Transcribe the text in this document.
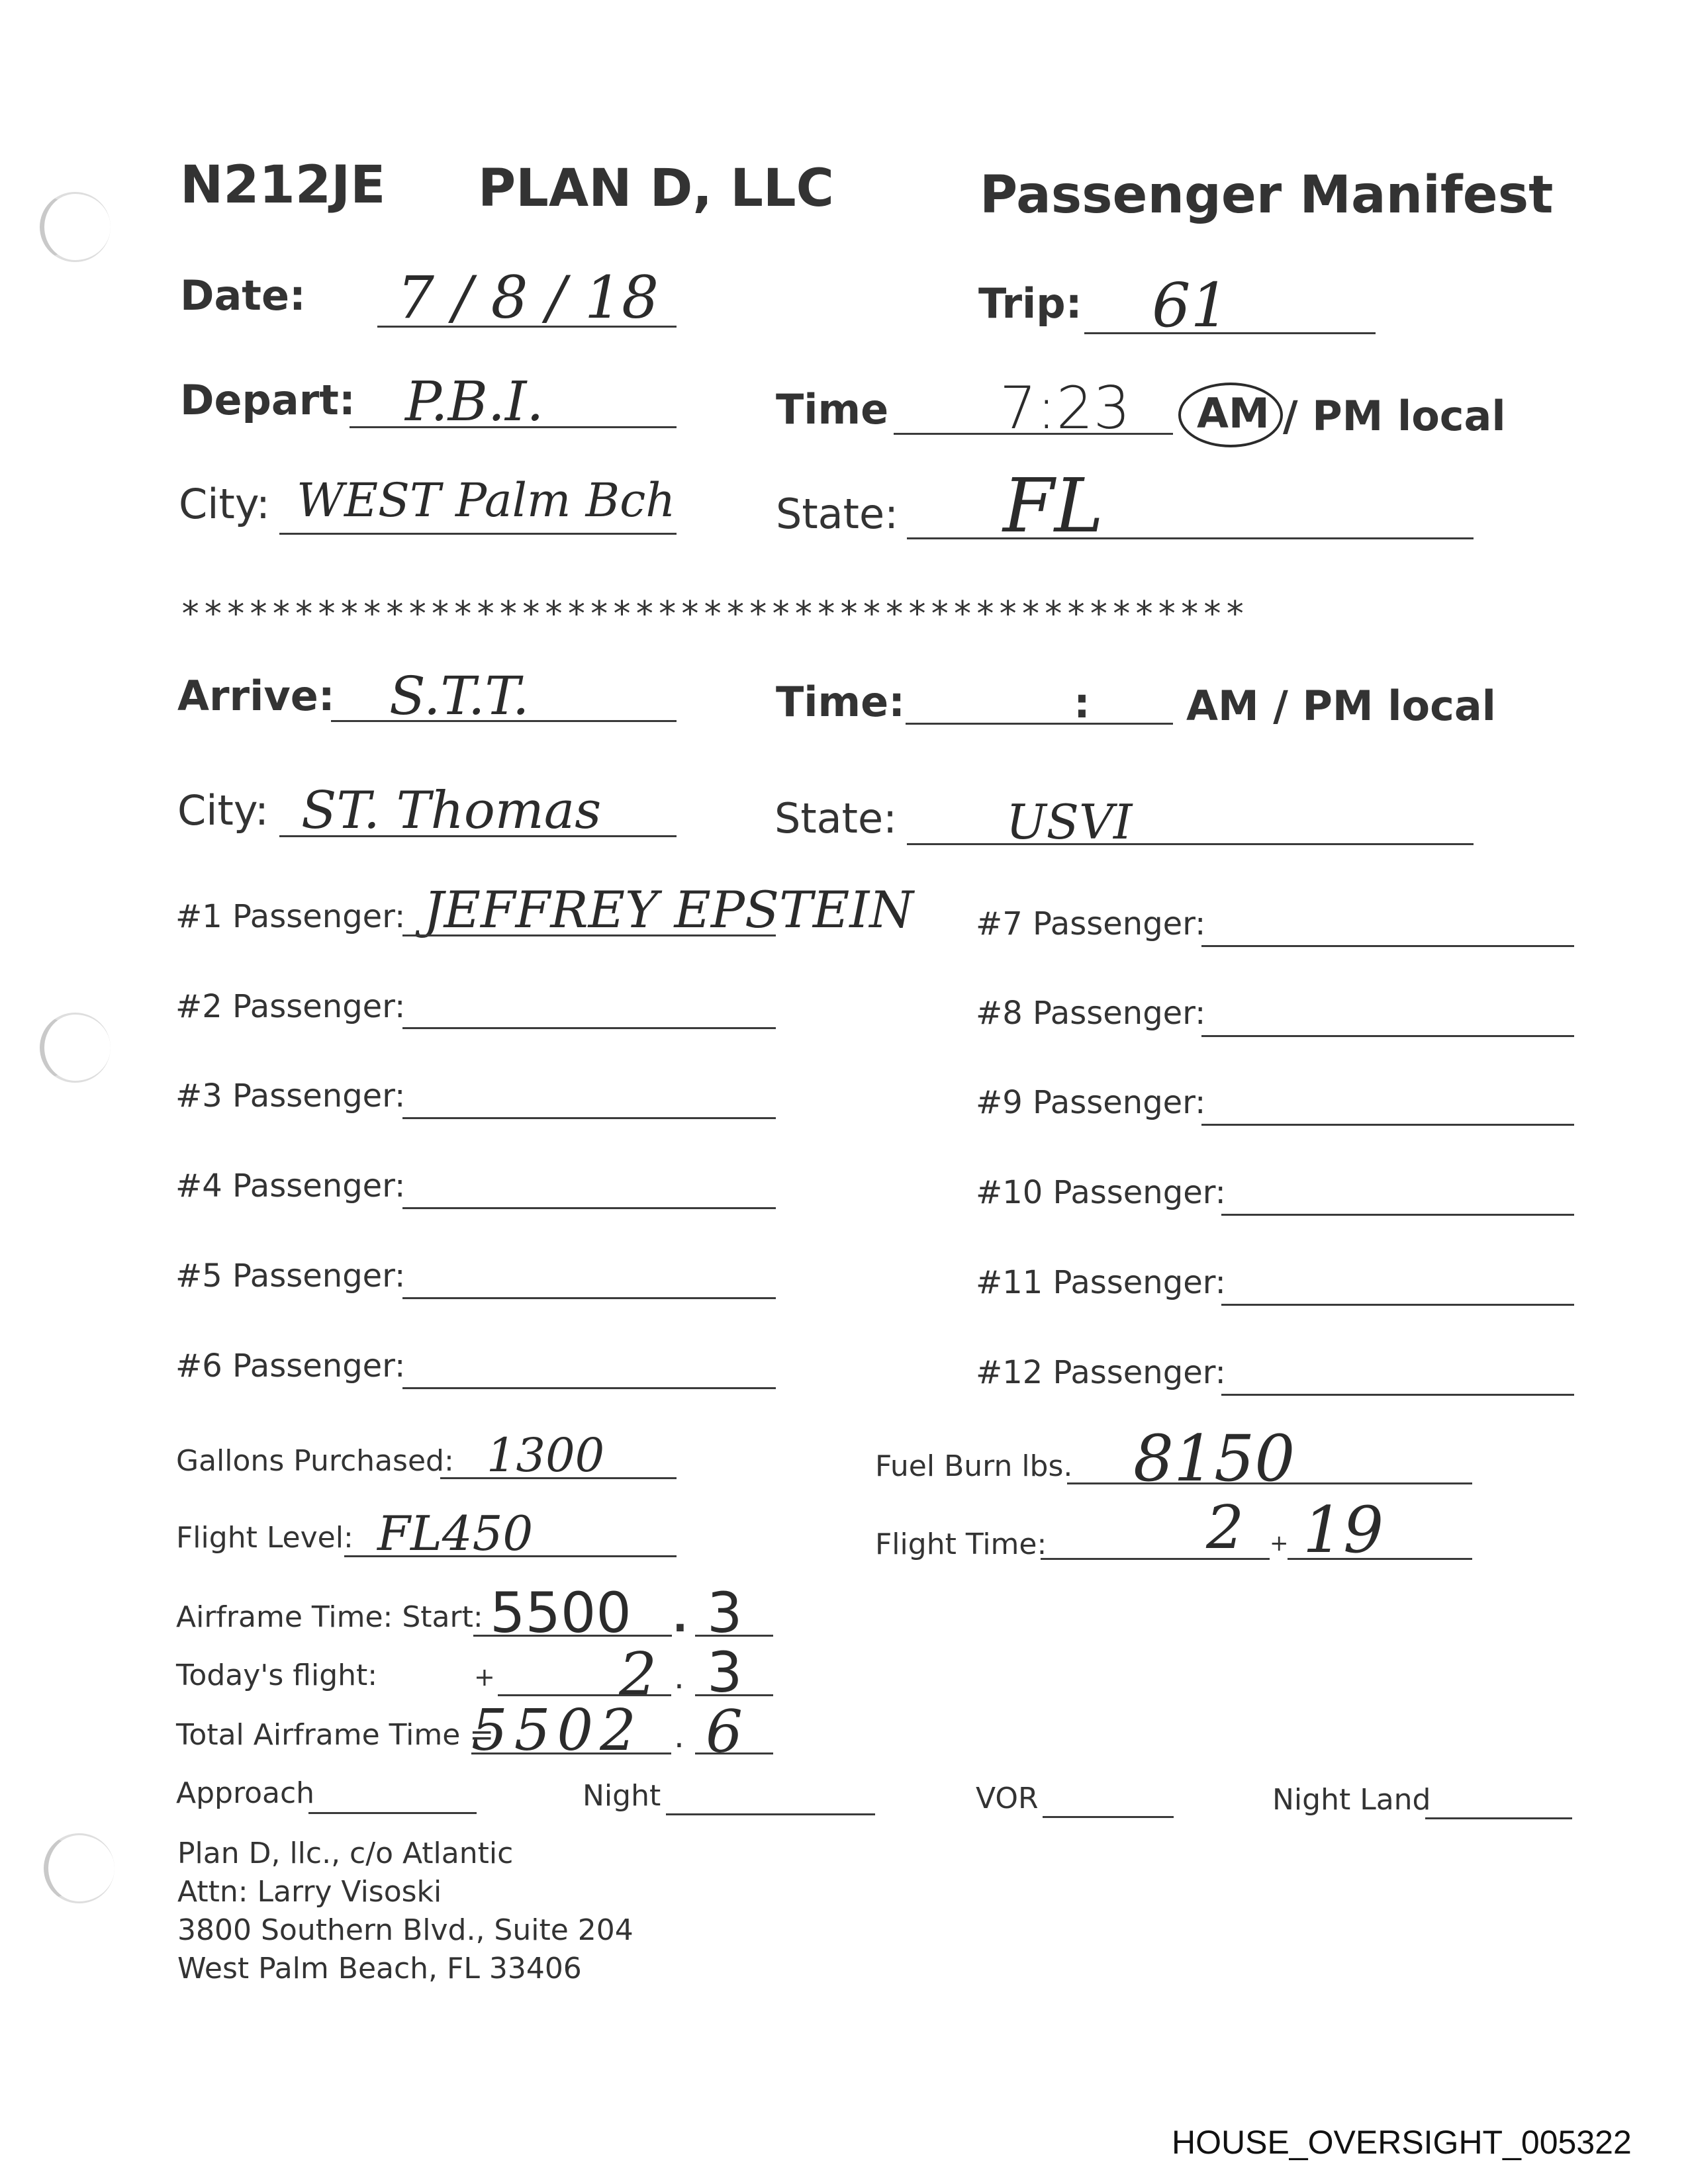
N212JE PLAN D, LLC	Passenger Manifest
Date: 7 / 8 / 18	Trip: 61
Depart: P.B.I.	Time 7:23 AM / PM local
City: WEST Palm Bch State: FL
***********************************************
Arrive: S.T.T.	Time:	: AM / PM local
City: ST. Thomas	State: USVI
#1 Passenger: JEFFREY EPSTEIN
#2 Passenger:
#3 Passenger:
#4 Passenger:
#5 Passenger:
#6 Passenger:
#7 Passenger:
#8 Passenger:
#9 Passenger:
#10 Passenger:
#11 Passenger:
#12 Passenger:
Gallons Purchased: 1300	Fuel Burn lbs. 8150
Flight Level: FL450	Flight Time:	2 + 19
Airframe Time: Start: 5500 . 3
Today's flight:	+ 2 . 3
Total Airframe Time =
5502 . 6
Approach	Night	VOR	Night Land
Plan D, llc., c/o Atlantic
Attn: Larry Visoski
3800 Southern Blvd., Suite 204
West Palm Beach, FL 33406
HOUSE_OVERSIGHT_005322
